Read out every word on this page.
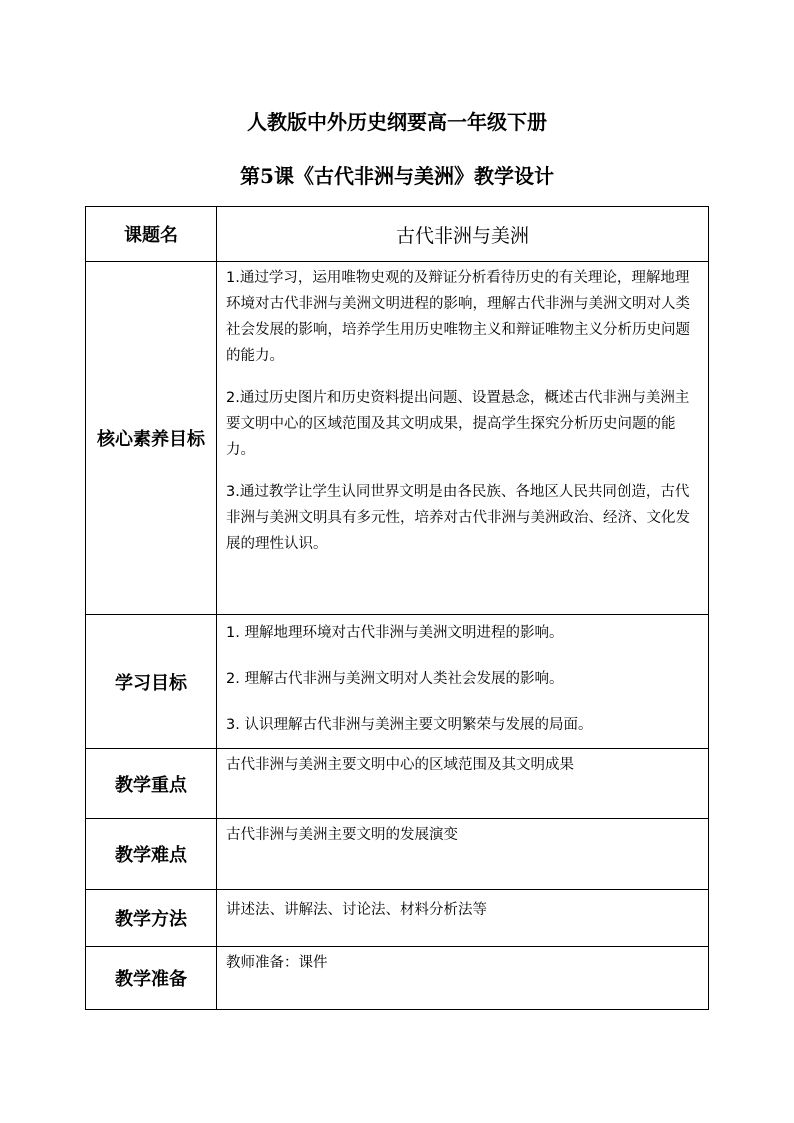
人教版中外历史纲要高一年级下册
第5课《古代非洲与美洲》教学设计
课题名	古代非洲与美洲
核心素养目标	1.通过学习，运用唯物史观的及辩证分析看待历史的有关理论，理解地理环境对古代非洲与美洲文明进程的影响，理解古代非洲与美洲文明对人类社会发展的影响，培养学生用历史唯物主义和辩证唯物主义分析历史问题的能力。

2.通过历史图片和历史资料提出问题、设置悬念，概述古代非洲与美洲主要文明中心的区域范围及其文明成果，提高学生探究分析历史问题的能力。

3.通过教学让学生认同世界文明是由各民族、各地区人民共同创造，古代非洲与美洲文明具有多元性，培养对古代非洲与美洲政治、经济、文化发展的理性认识。

学习目标	1. 理解地理环境对古代非洲与美洲文明进程的影响。

2. 理解古代非洲与美洲文明对人类社会发展的影响。

3. 认识理解古代非洲与美洲主要文明繁荣与发展的局面。

教学重点	古代非洲与美洲主要文明中心的区域范围及其文明成果
教学难点	古代非洲与美洲主要文明的发展演变
教学方法	讲述法、讲解法、讨论法、材料分析法等
教学准备	教师准备：课件
